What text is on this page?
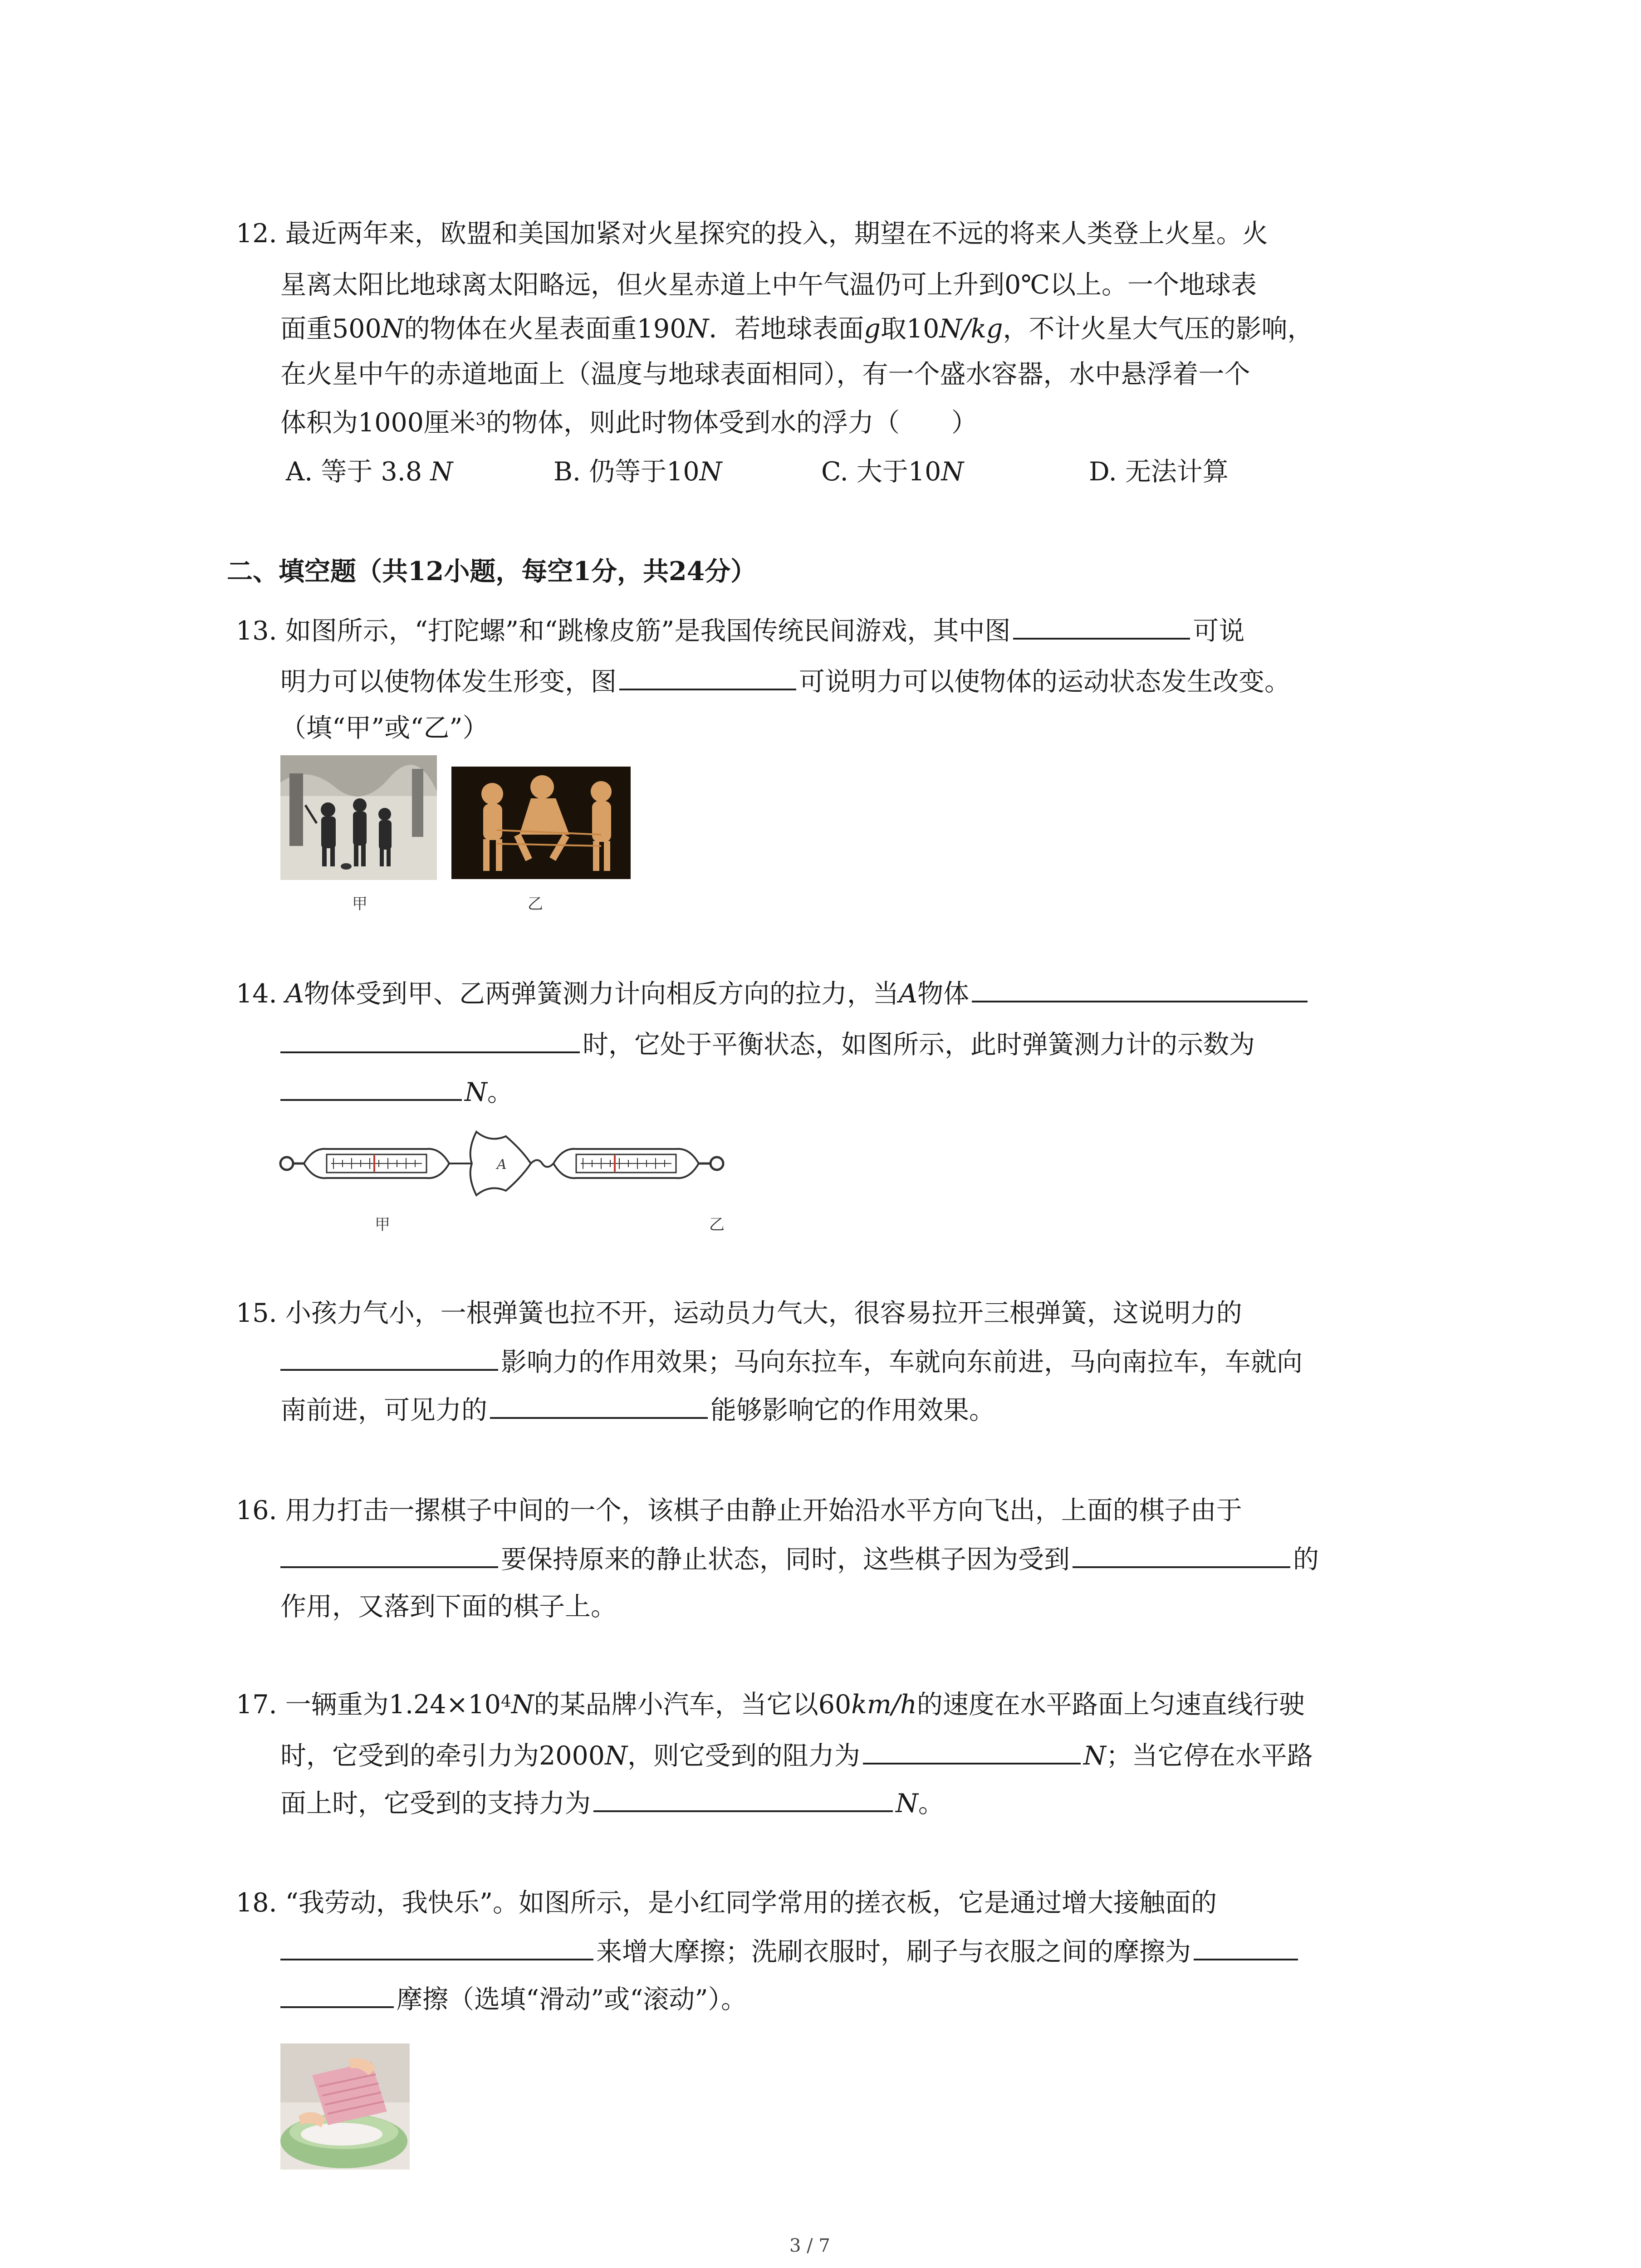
12. 最近两年来，欧盟和美国加紧对火星探究的投入，期望在不远的将来人类登上火星。火
星离太阳比地球离太阳略远，但火星赤道上中午气温仍可上升到0℃以上。一个地球表
面重500N的物体在火星表面重190N．若地球表面g取10N/kg，不计火星大气压的影响，
在火星中午的赤道地面上（温度与地球表面相同），有一个盛水容器，水中悬浮着一个
体积为1000厘米$^3$的物体，则此时物体受到水的浮力（　　）
A. 等于 3.8 N	B. 仍等于10N	C. 大于10N	D. 无法计算
二、填空题（共12小题，每空1分，共24分）
13. 如图所示，“打陀螺”和“跳橡皮筋”是我国传统民间游戏，其中图	可说
明力可以使物体发生形变，图	可说明力可以使物体的运动状态发生改变。
（填“甲”或“乙”）
甲	乙
14. A物体受到甲、乙两弹簧测力计向相反方向的拉力，当A物体
时，它处于平衡状态，如图所示，此时弹簧测力计的示数为
N。
A
甲	乙
15. 小孩力气小，一根弹簧也拉不开，运动员力气大，很容易拉开三根弹簧，这说明力的
影响力的作用效果；马向东拉车，车就向东前进，马向南拉车，车就向
南前进，可见力的	能够影响它的作用效果。
16. 用力打击一摞棋子中间的一个，该棋子由静止开始沿水平方向飞出，上面的棋子由于
要保持原来的静止状态，同时，这些棋子因为受到	的
作用，又落到下面的棋子上。
17. 一辆重为$1.24\times 10^4N$的某品牌小汽车，当它以60km/h的速度在水平路面上匀速直线行驶
时，它受到的牵引力为2000N，则它受到的阻力为	N；当它停在水平路
面上时，它受到的支持力为	N。
18. “我劳动，我快乐”。如图所示，是小红同学常用的搓衣板，它是通过增大接触面的
来增大摩擦；洗刷衣服时，刷子与衣服之间的摩擦为
摩擦（选填“滑动”或“滚动”）。
3 / 7
